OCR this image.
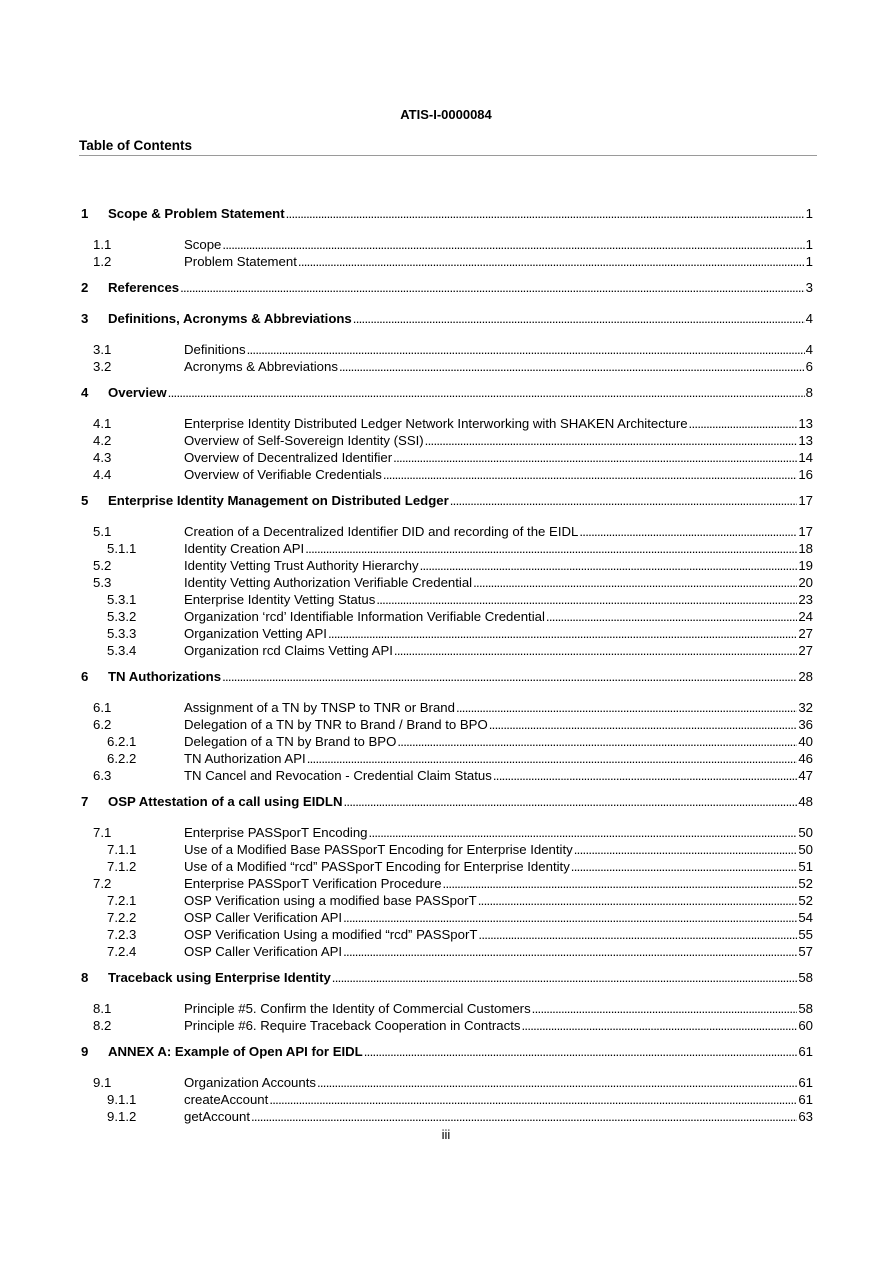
ATIS-I-0000084
Table of Contents
1	Scope & Problem Statement . . .	1
1.1	Scope . . .	1
1.2	Problem Statement . . .	1
2	References . . .	3
3	Definitions, Acronyms & Abbreviations . . .	4
3.1	Definitions . . .	4
3.2	Acronyms & Abbreviations . . .	6
4	Overview . . .	8
4.1	Enterprise Identity Distributed Ledger Network Interworking with SHAKEN Architecture . . .	13
4.2	Overview of Self-Sovereign Identity (SSI) . . .	13
4.3	Overview of Decentralized Identifier . . .	14
4.4	Overview of Verifiable Credentials . . .	16
5	Enterprise Identity Management on Distributed Ledger . . .	17
5.1	Creation of a Decentralized Identifier DID and recording of the EIDL . . .	17
5.1.1	Identity Creation API . . .	18
5.2	Identity Vetting Trust Authority Hierarchy . . .	19
5.3	Identity Vetting Authorization Verifiable Credential . . .	20
5.3.1	Enterprise Identity Vetting Status . . .	23
5.3.2	Organization ‘rcd’ Identifiable Information Verifiable Credential . . .	24
5.3.3	Organization Vetting API . . .	27
5.3.4	Organization rcd Claims Vetting API . . .	27
6	TN Authorizations . . .	28
6.1	Assignment of a TN by TNSP to TNR or Brand . . .	32
6.2	Delegation of a TN by TNR to Brand / Brand to BPO . . .	36
6.2.1	Delegation of a TN by Brand to BPO . . .	40
6.2.2	TN Authorization API . . .	46
6.3	TN Cancel and Revocation - Credential Claim Status . . .	47
7	OSP Attestation of a call using EIDLN . . .	48
7.1	Enterprise PASSporT Encoding . . .	50
7.1.1	Use of a Modified Base PASSporT Encoding for Enterprise Identity . . .	50
7.1.2	Use of a Modified “rcd” PASSporT Encoding for Enterprise Identity . . .	51
7.2	Enterprise PASSporT Verification Procedure . . .	52
7.2.1	OSP Verification using a modified base PASSporT . . .	52
7.2.2	OSP Caller Verification API . . .	54
7.2.3	OSP Verification Using a modified “rcd” PASSporT . . .	55
7.2.4	OSP Caller Verification API . . .	57
8	Traceback using Enterprise Identity . . .	58
8.1	Principle #5. Confirm the Identity of Commercial Customers . . .	58
8.2	Principle #6. Require Traceback Cooperation in Contracts . . .	60
9	ANNEX A: Example of Open API for EIDL . . .	61
9.1	Organization Accounts . . .	61
9.1.1	createAccount . . .	61
9.1.2	getAccount . . .	63
iii
